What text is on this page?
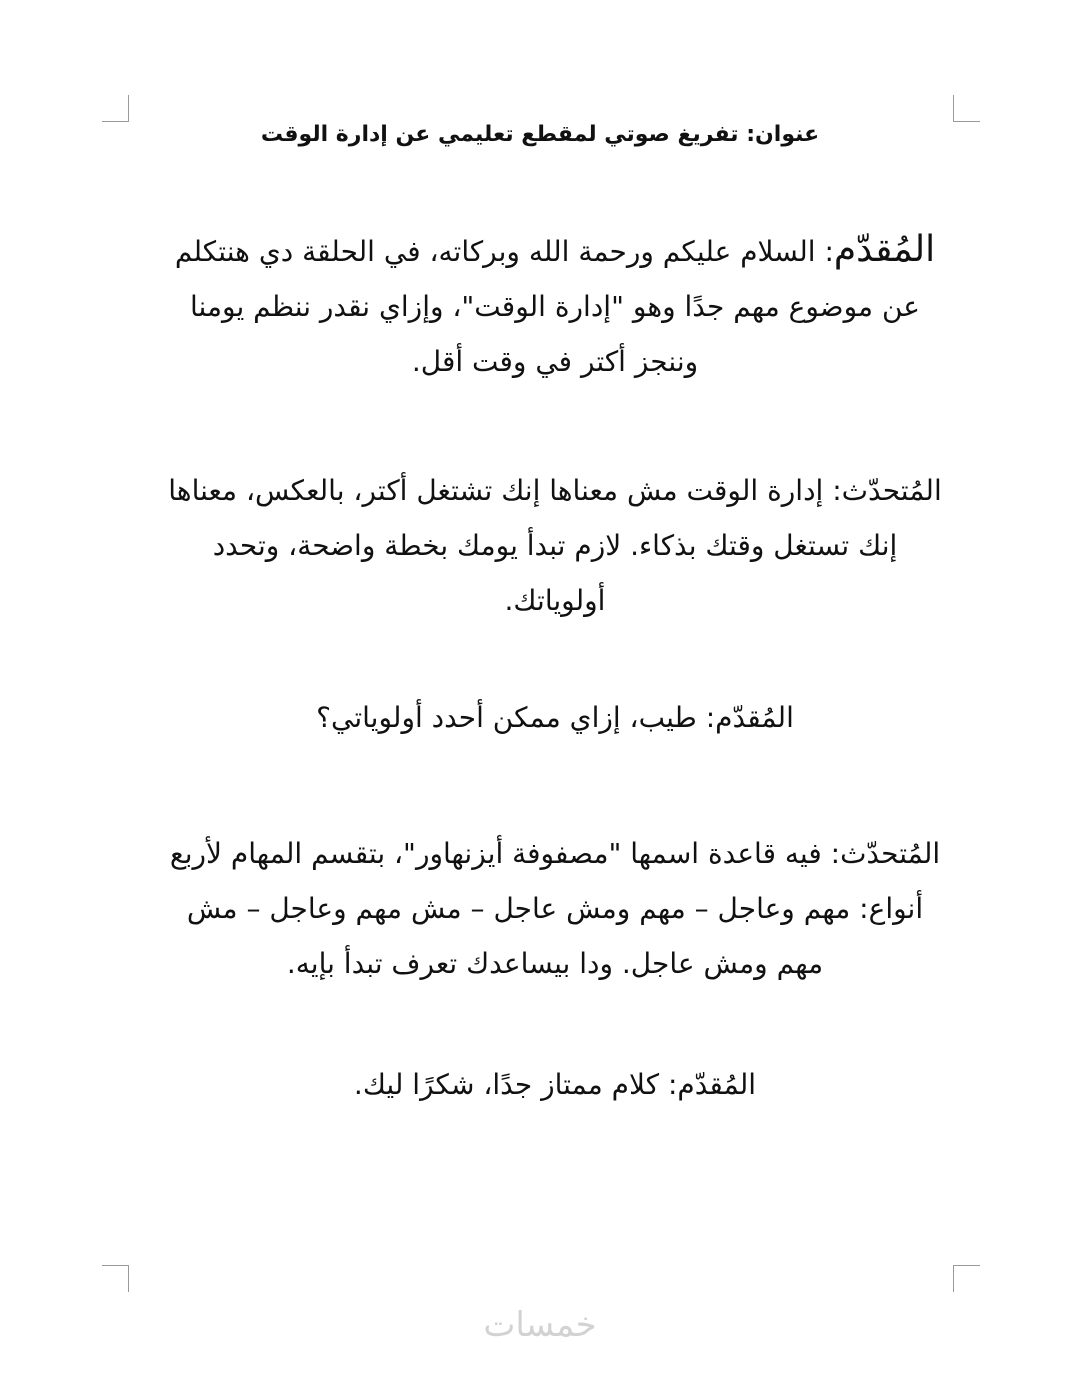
عنوان: تفريغ صوتي لمقطع تعليمي عن إدارة الوقت

المُقدّم: السلام عليكم ورحمة الله وبركاته، في الحلقة دي هنتكلم عن موضوع مهم جدًا وهو "إدارة الوقت"، وإزاي نقدر ننظم يومنا وننجز أكتر في وقت أقل.

المُتحدّث: إدارة الوقت مش معناها إنك تشتغل أكتر، بالعكس، معناها إنك تستغل وقتك بذكاء. لازم تبدأ يومك بخطة واضحة، وتحدد أولوياتك.

المُقدّم: طيب، إزاي ممكن أحدد أولوياتي؟

المُتحدّث: فيه قاعدة اسمها "مصفوفة أيزنهاور"، بتقسم المهام لأربع أنواع: مهم وعاجل – مهم ومش عاجل – مش مهم وعاجل – مش مهم ومش عاجل. ودا بيساعدك تعرف تبدأ بإيه.

المُقدّم: كلام ممتاز جدًا، شكرًا ليك.

خمسات
